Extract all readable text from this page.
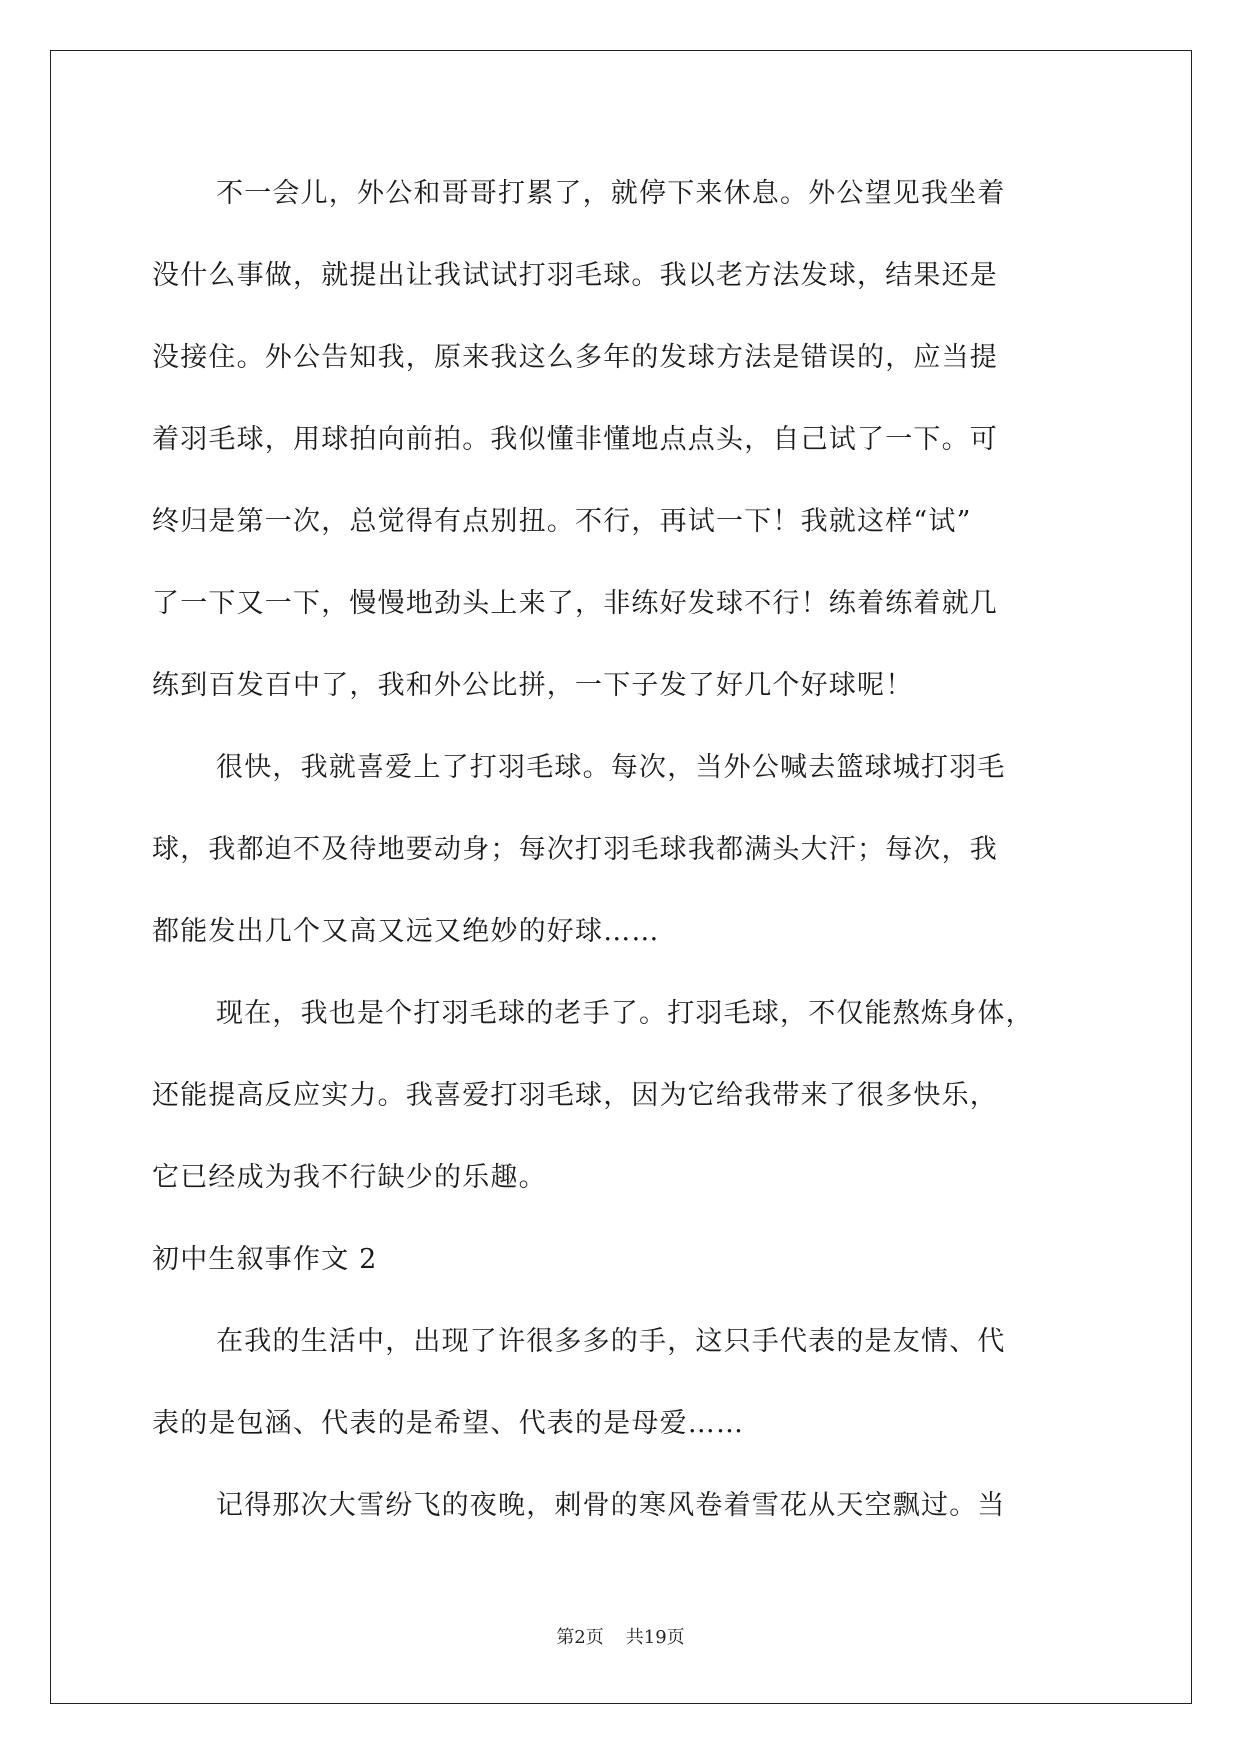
不一会儿，外公和哥哥打累了，就停下来休息。外公望见我坐着
没什么事做，就提出让我试试打羽毛球。我以老方法发球，结果还是
没接住。外公告知我，原来我这么多年的发球方法是错误的，应当提
着羽毛球，用球拍向前拍。我似懂非懂地点点头，自己试了一下。可
终归是第一次，总觉得有点别扭。不行，再试一下！我就这样“试”
了一下又一下，慢慢地劲头上来了，非练好发球不行！练着练着就几
练到百发百中了，我和外公比拼，一下子发了好几个好球呢！
很快，我就喜爱上了打羽毛球。每次，当外公喊去篮球城打羽毛
球，我都迫不及待地要动身；每次打羽毛球我都满头大汗；每次，我
都能发出几个又高又远又绝妙的好球……
现在，我也是个打羽毛球的老手了。打羽毛球，不仅能熬炼身体，
还能提高反应实力。我喜爱打羽毛球，因为它给我带来了很多快乐，
它已经成为我不行缺少的乐趣。
初中生叙事作文 2
在我的生活中，出现了许很多多的手，这只手代表的是友情、代
表的是包涵、代表的是希望、代表的是母爱……
记得那次大雪纷飞的夜晚，刺骨的寒风卷着雪花从天空飘过。当
第2页 共19页
